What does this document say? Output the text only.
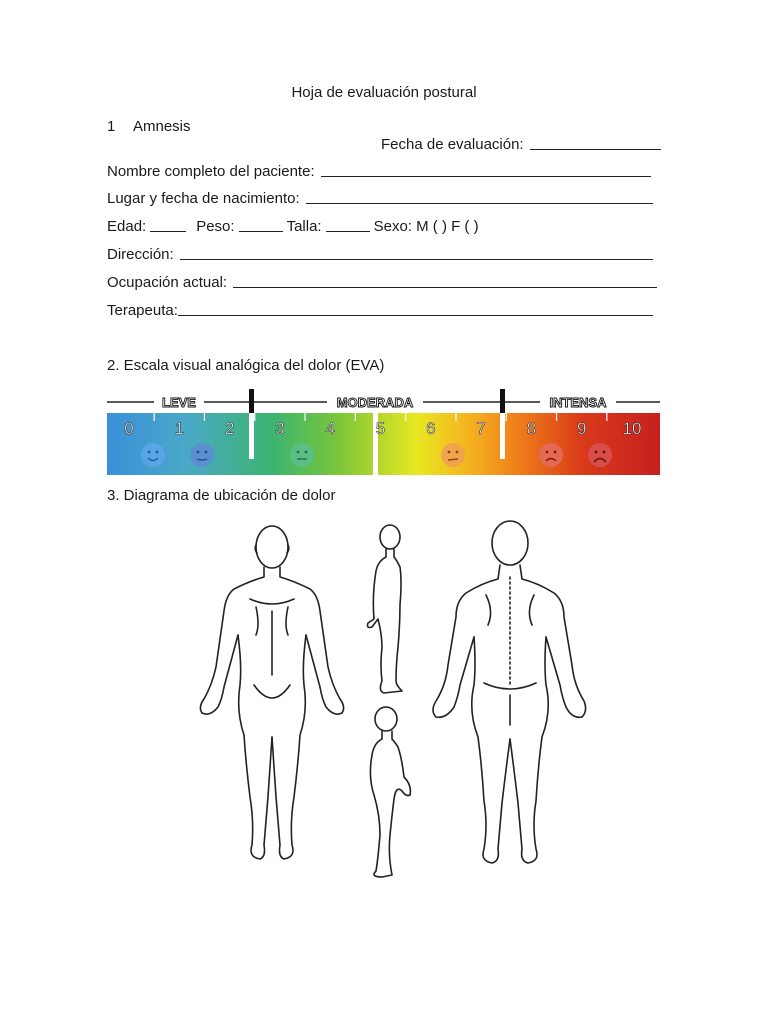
Hoja de evaluación postural
1 Amnesis
Fecha de evaluación:
Nombre completo del paciente:
Lugar y fecha de nacimiento:
Edad:	Peso:	Talla:	Sexo: M ( ) F ( )
Dirección:
Ocupación actual:
Terapeuta:
2. Escala visual analógica del dolor (EVA)
LEVE	MODERADA	INTENSA
0 1 2 3 4 5 6 7 8 9 10
3. Diagrama de ubicación de dolor
